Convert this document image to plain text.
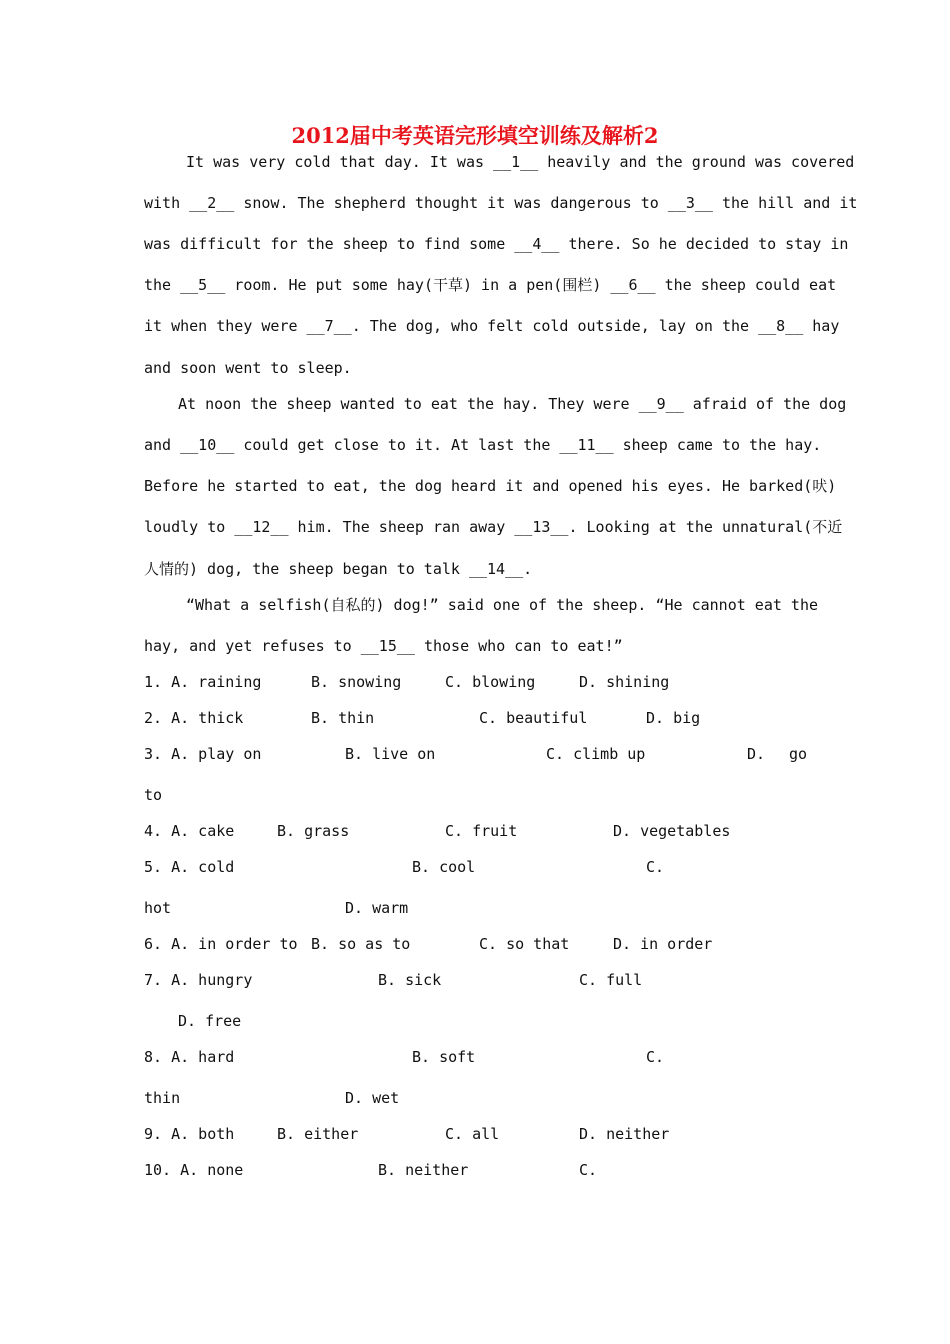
2012届中考英语完形填空训练及解析2
It was very cold that day. It was __1__ heavily and the ground was covered
with __2__ snow. The shepherd thought it was dangerous to __3__ the hill and it
was difficult for the sheep to find some __4__ there. So he decided to stay in
the __5__ room. He put some hay(干草) in a pen(围栏) __6__ the sheep could eat
it when they were __7__. The dog, who felt cold outside, lay on the __8__ hay
and soon went to sleep.
At noon the sheep wanted to eat the hay. They were __9__ afraid of the dog
and __10__ could get close to it. At last the __11__ sheep came to the hay.
Before he started to eat, the dog heard it and opened his eyes. He barked(吠)
loudly to __12__ him. The sheep ran away __13__. Looking at the unnatural(不近
人情的) dog, the sheep began to talk __14__.
“What a selfish(自私的) dog!” said one of the sheep. “He cannot eat the
hay, and yet refuses to __15__ those who can to eat!”
1. A. raining	B. snowing	C. blowing	D. shining
2. A. thick	B. thin	C. beautiful	D. big
3. A. play on	B. live on	C. climb up	D. go
to
4. A. cake	B. grass	C. fruit	D. vegetables
5. A. cold	B. cool	C.
hot	D. warm
6. A. in order to B. so as to	C. so that	D. in order
7. A. hungry	B. sick	C. full
D. free
8. A. hard	B. soft	C.
thin	D. wet
9. A. both	B. either	C. all	D. neither
10. A. none	B. neither	C.
